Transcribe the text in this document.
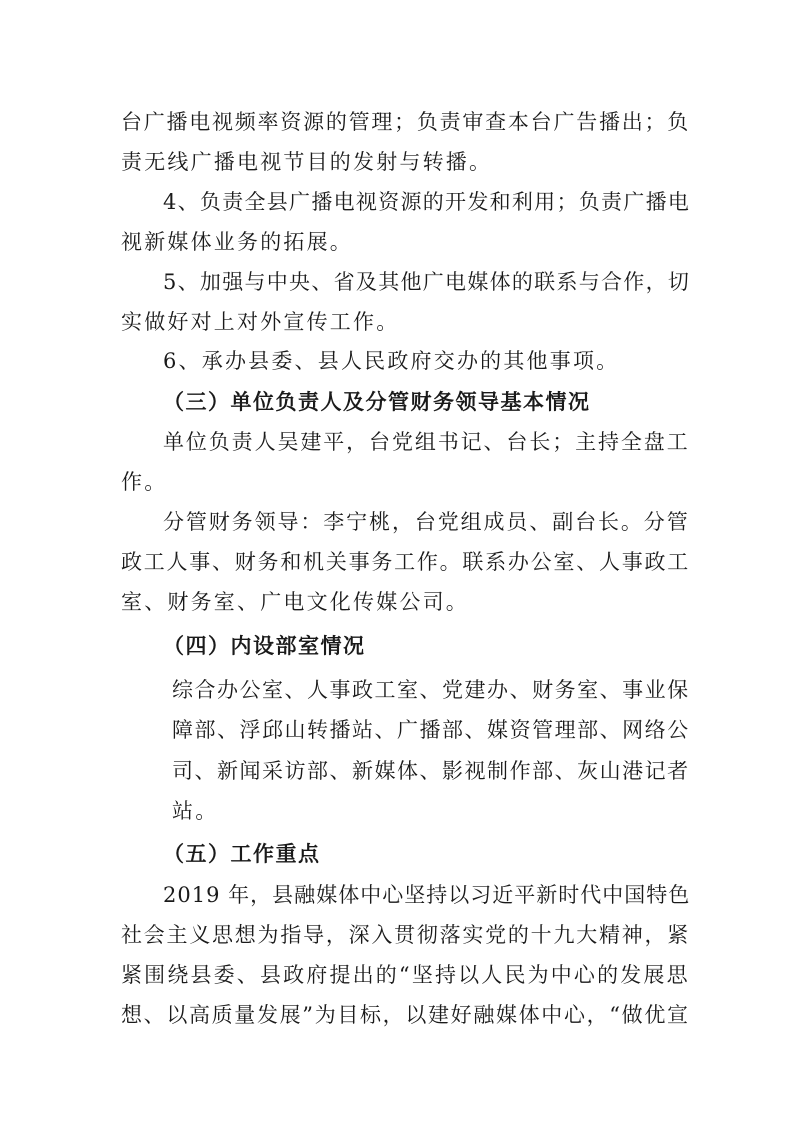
台广播电视频率资源的管理；负责审查本台广告播出；负
责无线广播电视节目的发射与转播。
4、负责全县广播电视资源的开发和利用；负责广播电
视新媒体业务的拓展。
5、加强与中央、省及其他广电媒体的联系与合作，切
实做好对上对外宣传工作。
6、承办县委、县人民政府交办的其他事项。
（三）单位负责人及分管财务领导基本情况
单位负责人吴建平，台党组书记、台长；主持全盘工
作。
分管财务领导：李宁桃，台党组成员、副台长。分管
政工人事、财务和机关事务工作。联系办公室、人事政工
室、财务室、广电文化传媒公司。
（四）内设部室情况
综合办公室、人事政工室、党建办、财务室、事业保
障部、浮邱山转播站、广播部、媒资管理部、网络公
司、新闻采访部、新媒体、影视制作部、灰山港记者
站。
（五）工作重点
2019 年，县融媒体中心坚持以习近平新时代中国特色
社会主义思想为指导，深入贯彻落实党的十九大精神，紧
紧围绕县委、县政府提出的“坚持以人民为中心的发展思
想、以高质量发展”为目标，以建好融媒体中心，“做优宣
